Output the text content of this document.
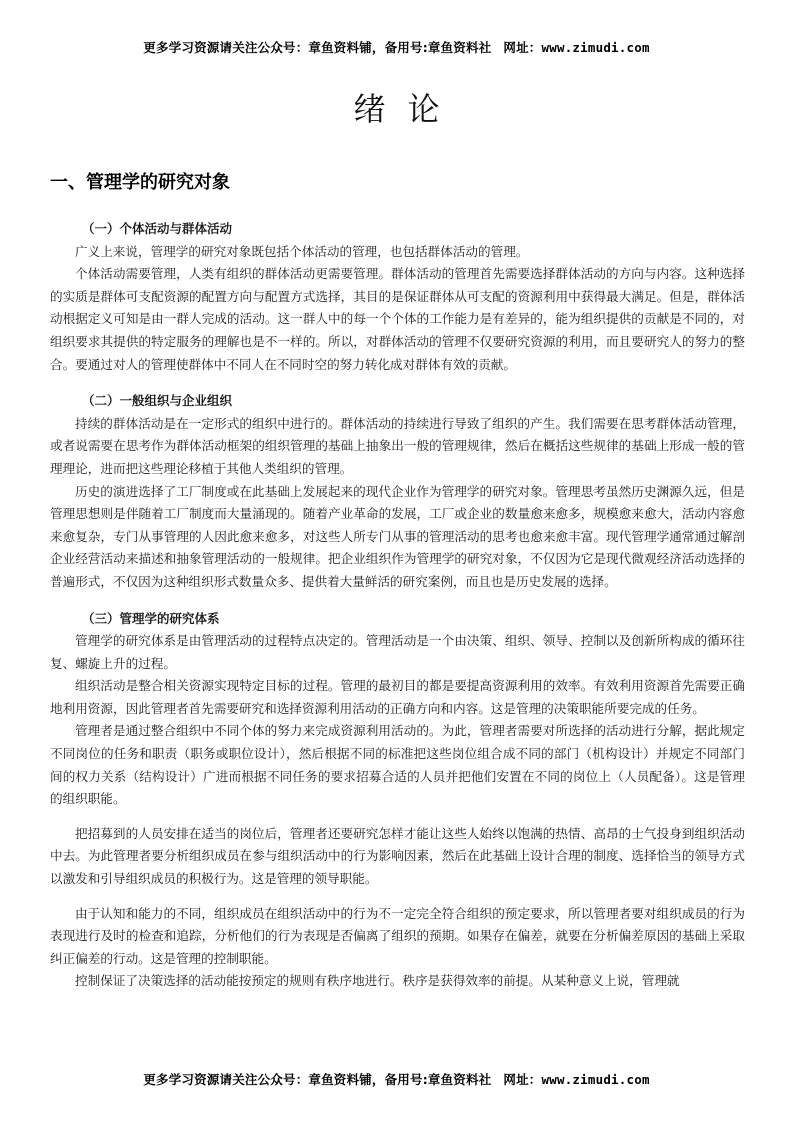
更多学习资源请关注公众号：章鱼资料铺，备用号:章鱼资料社 网址：www.zimudi.com
绪论
一、管理学的研究对象
（一）个体活动与群体活动

广义上来说，管理学的研究对象既包括个体活动的管理，也包括群体活动的管理。

个体活动需要管理，人类有组织的群体活动更需要管理。群体活动的管理首先需要选择群体活动的方向与内容。这种选择的实质是群体可支配资源的配置方向与配置方式选择，其目的是保证群体从可支配的资源利用中获得最大满足。但是，群体活动根据定义可知是由一群人完成的活动。这一群人中的每一个个体的工作能力是有差异的，能为组织提供的贡献是不同的，对组织要求其提供的特定服务的理解也是不一样的。所以，对群体活动的管理不仅要研究资源的利用，而且要研究人的努力的整合。要通过对人的管理使群体中不同人在不同时空的努力转化成对群体有效的贡献。

（二）一般组织与企业组织

持续的群体活动是在一定形式的组织中进行的。群体活动的持续进行导致了组织的产生。我们需要在思考群体活动管理，或者说需要在思考作为群体活动框架的组织管理的基础上抽象出一般的管理规律，然后在概括这些规律的基础上形成一般的管理理论，进而把这些理论移植于其他人类组织的管理。

历史的演进选择了工厂制度或在此基础上发展起来的现代企业作为管理学的研究对象。管理思考虽然历史渊源久远，但是管理思想则是伴随着工厂制度而大量涌现的。随着产业革命的发展，工厂或企业的数量愈来愈多，规模愈来愈大，活动内容愈来愈复杂，专门从事管理的人因此愈来愈多，对这些人所专门从事的管理活动的思考也愈来愈丰富。现代管理学通常通过解剖企业经营活动来描述和抽象管理活动的一般规律。把企业组织作为管理学的研究对象，不仅因为它是现代微观经济活动选择的普遍形式，不仅因为这种组织形式数量众多、提供着大量鲜活的研究案例，而且也是历史发展的选择。

（三）管理学的研究体系

管理学的研究体系是由管理活动的过程特点决定的。管理活动是一个由决策、组织、领导、控制以及创新所构成的循环往复、螺旋上升的过程。

组织活动是整合相关资源实现特定目标的过程。管理的最初目的都是要提高资源利用的效率。有效利用资源首先需要正确地利用资源，因此管理者首先需要研究和选择资源利用活动的正确方向和内容。这是管理的决策职能所要完成的任务。

管理者是通过整合组织中不同个体的努力来完成资源利用活动的。为此，管理者需要对所选择的活动进行分解，据此规定不同岗位的任务和职责（职务或职位设计），然后根据不同的标准把这些岗位组合成不同的部门（机构设计）并规定不同部门间的权力关系（结构设计）广进而根据不同任务的要求招募合适的人员并把他们安置在不同的岗位上（人员配备）。这是管理的组织职能。

把招募到的人员安排在适当的岗位后，管理者还要研究怎样才能让这些人始终以饱满的热情、高昂的士气投身到组织活动中去。为此管理者要分析组织成员在参与组织活动中的行为影响因素，然后在此基础上设计合理的制度、选择恰当的领导方式以激发和引导组织成员的积极行为。这是管理的领导职能。

由于认知和能力的不同，组织成员在组织活动中的行为不一定完全符合组织的预定要求，所以管理者要对组织成员的行为表现进行及时的检查和追踪，分析他们的行为表现是否偏离了组织的预期。如果存在偏差，就要在分析偏差原因的基础上采取纠正偏差的行动。这是管理的控制职能。

控制保证了决策选择的活动能按预定的规则有秩序地进行。秩序是获得效率的前提。从某种意义上说，管理就

更多学习资源请关注公众号：章鱼资料铺，备用号:章鱼资料社 网址：www.zimudi.com
